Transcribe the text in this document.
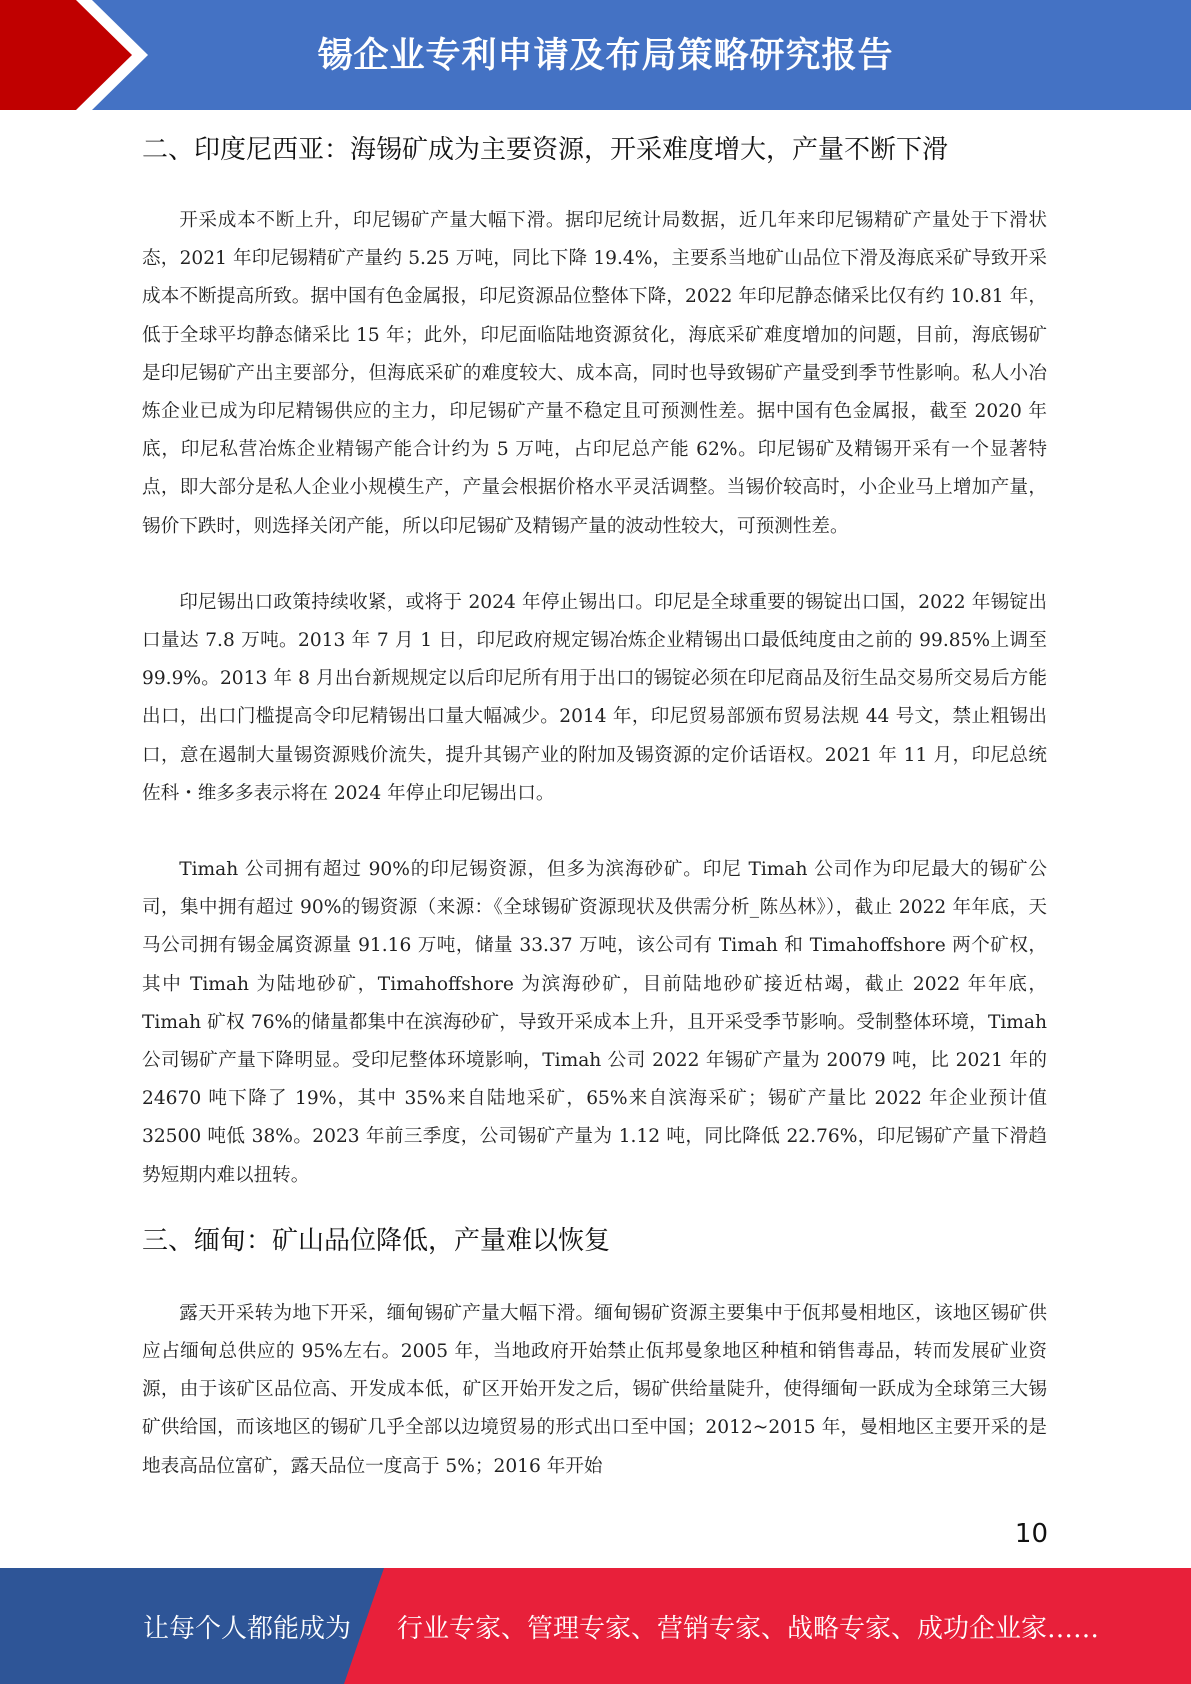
锡企业专利申请及布局策略研究报告
二、印度尼西亚：海锡矿成为主要资源，开采难度增大，产量不断下滑

开采成本不断上升，印尼锡矿产量大幅下滑。据印尼统计局数据，近几年来印尼锡精矿产量处于下滑状态，2021 年印尼锡精矿产量约 5.25 万吨，同比下降 19.4%，主要系当地矿山品位下滑及海底采矿导致开采成本不断提高所致。据中国有色金属报，印尼资源品位整体下降，2022 年印尼静态储采比仅有约 10.81 年，低于全球平均静态储采比 15 年；此外，印尼面临陆地资源贫化，海底采矿难度增加的问题，目前，海底锡矿是印尼锡矿产出主要部分，但海底采矿的难度较大、成本高，同时也导致锡矿产量受到季节性影响。私人小冶炼企业已成为印尼精锡供应的主力，印尼锡矿产量不稳定且可预测性差。据中国有色金属报，截至 2020 年底，印尼私营冶炼企业精锡产能合计约为 5 万吨，占印尼总产能 62%。印尼锡矿及精锡开采有一个显著特点，即大部分是私人企业小规模生产，产量会根据价格水平灵活调整。当锡价较高时，小企业马上增加产量，锡价下跌时，则选择关闭产能，所以印尼锡矿及精锡产量的波动性较大，可预测性差。

印尼锡出口政策持续收紧，或将于 2024 年停止锡出口。印尼是全球重要的锡锭出口国，2022 年锡锭出口量达 7.8 万吨。2013 年 7 月 1 日，印尼政府规定锡冶炼企业精锡出口最低纯度由之前的 99.85%上调至 99.9%。2013 年 8 月出台新规规定以后印尼所有用于出口的锡锭必须在印尼商品及衍生品交易所交易后方能出口，出口门槛提高令印尼精锡出口量大幅减少。2014 年，印尼贸易部颁布贸易法规 44 号文，禁止粗锡出口，意在遏制大量锡资源贱价流失，提升其锡产业的附加及锡资源的定价话语权。2021 年 11 月，印尼总统佐科・维多多表示将在 2024 年停止印尼锡出口。

Timah 公司拥有超过 90%的印尼锡资源，但多为滨海砂矿。印尼 Timah 公司作为印尼最大的锡矿公司，集中拥有超过 90%的锡资源（来源：《全球锡矿资源现状及供需分析_陈丛林》），截止 2022 年年底，天马公司拥有锡金属资源量 91.16 万吨，储量 33.37 万吨，该公司有 Timah 和 Timahoffshore 两个矿权，其中 Timah 为陆地砂矿，Timahoffshore 为滨海砂矿，目前陆地砂矿接近枯竭，截止 2022 年年底，Timah 矿权 76%的储量都集中在滨海砂矿，导致开采成本上升，且开采受季节影响。受制整体环境，Timah 公司锡矿产量下降明显。受印尼整体环境影响，Timah 公司 2022 年锡矿产量为 20079 吨，比 2021 年的 24670 吨下降了 19%，其中 35%来自陆地采矿，65%来自滨海采矿；锡矿产量比 2022 年企业预计值 32500 吨低 38%。2023 年前三季度，公司锡矿产量为 1.12 吨，同比降低 22.76%，印尼锡矿产量下滑趋势短期内难以扭转。

三、缅甸：矿山品位降低，产量难以恢复

露天开采转为地下开采，缅甸锡矿产量大幅下滑。缅甸锡矿资源主要集中于佤邦曼相地区，该地区锡矿供应占缅甸总供应的 95%左右。2005 年，当地政府开始禁止佤邦曼象地区种植和销售毒品，转而发展矿业资源，由于该矿区品位高、开发成本低，矿区开始开发之后，锡矿供给量陡升，使得缅甸一跃成为全球第三大锡矿供给国，而该地区的锡矿几乎全部以边境贸易的形式出口至中国；2012~2015 年，曼相地区主要开采的是地表高品位富矿，露天品位一度高于 5%；2016 年开始

10
让每个人都能成为 行业专家、管理专家、营销专家、战略专家、成功企业家……
